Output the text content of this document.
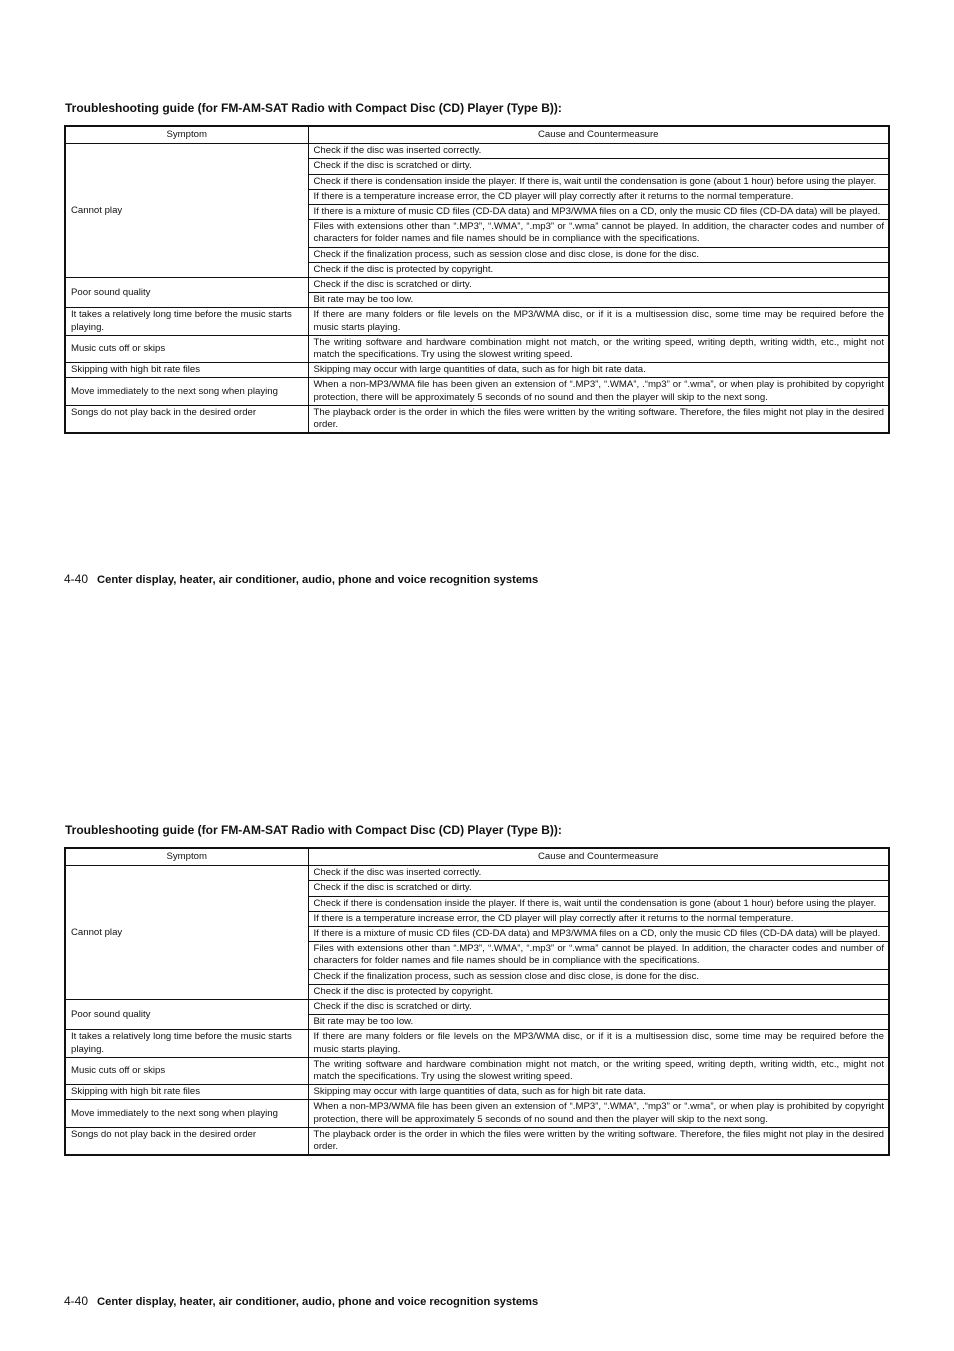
Troubleshooting guide (for FM-AM-SAT Radio with Compact Disc (CD) Player (Type B)):
Symptom	Cause and Countermeasure
Cannot play	Check if the disc was inserted correctly.
	Check if the disc is scratched or dirty.
	Check if there is condensation inside the player. If there is, wait until the condensation is gone (about 1 hour) before using the player.
	If there is a temperature increase error, the CD player will play correctly after it returns to the normal temperature.
	If there is a mixture of music CD files (CD-DA data) and MP3/WMA files on a CD, only the music CD files (CD-DA data) will be played.
	Files with extensions other than “.MP3”, “.WMA”, “.mp3” or “.wma” cannot be played. In addition, the character codes and number of characters for folder names and file names should be in compliance with the specifications.
	Check if the finalization process, such as session close and disc close, is done for the disc.
	Check if the disc is protected by copyright.
Poor sound quality	Check if the disc is scratched or dirty.
	Bit rate may be too low.
It takes a relatively long time before the music starts playing.	If there are many folders or file levels on the MP3/WMA disc, or if it is a multisession disc, some time may be required before the music starts playing.
Music cuts off or skips	The writing software and hardware combination might not match, or the writing speed, writing depth, writing width, etc., might not match the specifications. Try using the slowest writing speed.
Skipping with high bit rate files	Skipping may occur with large quantities of data, such as for high bit rate data.
Move immediately to the next song when playing	When a non-MP3/WMA file has been given an extension of “.MP3”, “.WMA”, .“mp3” or “.wma”, or when play is prohibited by copyright protection, there will be approximately 5 seconds of no sound and then the player will skip to the next song.
Songs do not play back in the desired order	The playback order is the order in which the files were written by the writing software. Therefore, the files might not play in the desired order.
4-40 Center display, heater, air conditioner, audio, phone and voice recognition systems
Troubleshooting guide (for FM-AM-SAT Radio with Compact Disc (CD) Player (Type B)):
Symptom	Cause and Countermeasure
Cannot play	Check if the disc was inserted correctly.
	Check if the disc is scratched or dirty.
	Check if there is condensation inside the player. If there is, wait until the condensation is gone (about 1 hour) before using the player.
	If there is a temperature increase error, the CD player will play correctly after it returns to the normal temperature.
	If there is a mixture of music CD files (CD-DA data) and MP3/WMA files on a CD, only the music CD files (CD-DA data) will be played.
	Files with extensions other than “.MP3”, “.WMA”, “.mp3” or “.wma” cannot be played. In addition, the character codes and number of characters for folder names and file names should be in compliance with the specifications.
	Check if the finalization process, such as session close and disc close, is done for the disc.
	Check if the disc is protected by copyright.
Poor sound quality	Check if the disc is scratched or dirty.
	Bit rate may be too low.
It takes a relatively long time before the music starts playing.	If there are many folders or file levels on the MP3/WMA disc, or if it is a multisession disc, some time may be required before the music starts playing.
Music cuts off or skips	The writing software and hardware combination might not match, or the writing speed, writing depth, writing width, etc., might not match the specifications. Try using the slowest writing speed.
Skipping with high bit rate files	Skipping may occur with large quantities of data, such as for high bit rate data.
Move immediately to the next song when playing	When a non-MP3/WMA file has been given an extension of “.MP3”, “.WMA”, .“mp3” or “.wma”, or when play is prohibited by copyright protection, there will be approximately 5 seconds of no sound and then the player will skip to the next song.
Songs do not play back in the desired order	The playback order is the order in which the files were written by the writing software. Therefore, the files might not play in the desired order.
4-40 Center display, heater, air conditioner, audio, phone and voice recognition systems
